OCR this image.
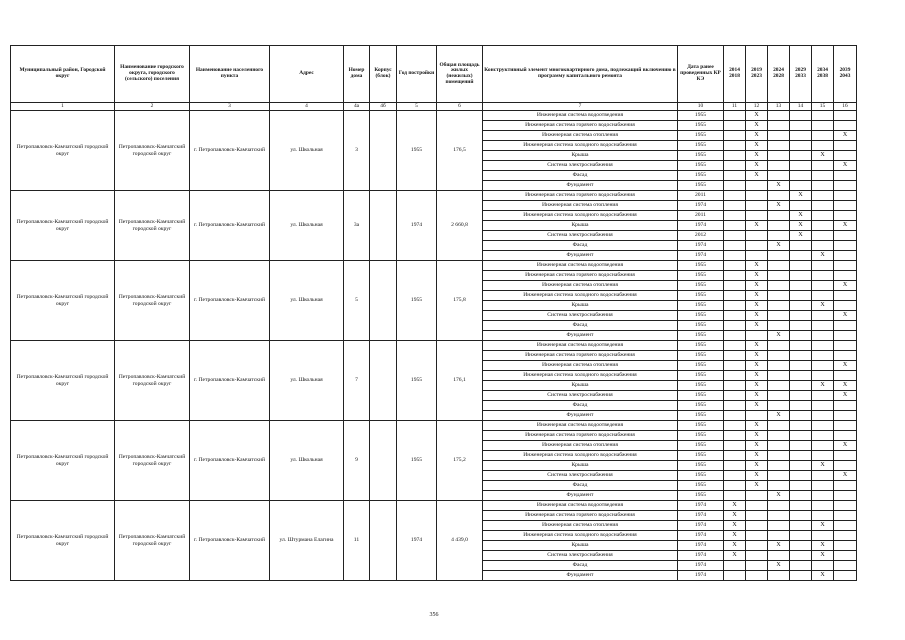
Муниципальный район, Городской округ	Наименование городского округа, городского (сельского) поселения	Наименование населенного пункта	Адрес	Номер дома	Корпус (блок)	Год постройки	Общая площадь жилых (нежилых) помещений	Конструктивный элемент многоквартирного дома, подлежащий включению в программу капитального ремонта	Дата ранее проведенных КР КЭ	2014 2018	2019 2023	2024 2028	2029 2033	2034 2038	2039 2043
1	2	3	4	4a	4б	5	6	7	10	11	12	13	14	15	16
Петропавловск-Камчатский городской округ	Петропавловск-Камчатский городской округ	г. Петропавловск-Камчатский	ул. Школьная	3		1955	176,5	Инженерная система водоотведения	1955		X				
								Инженерная система горячего водоснабжения	1955		X				
								Инженерная система отопления	1955		X				X
								Инженерная система холодного водоснабжения	1955		X				
								Крыша	1955		X			X	
								Система электроснабжения	1955		X				X
								Фасад	1955		X				
								Фундамент	1955			X			
Петропавловск-Камчатский городской округ	Петропавловск-Камчатский городской округ	г. Петропавловск-Камчатский	ул. Школьная	3а		1974	2 660,8	Инженерная система горячего водоснабжения	2011				X		
								Инженерная система отопления	1974			X			
								Инженерная система холодного водоснабжения	2011				X		
								Крыша	1974		X		X		X
								Система электроснабжения	2012				X		
								Фасад	1974			X			
								Фундамент	1974					X	
Петропавловск-Камчатский городской округ	Петропавловск-Камчатский городской округ	г. Петропавловск-Камчатский	ул. Школьная	5		1955	175,8	Инженерная система водоотведения	1955		X				
								Инженерная система горячего водоснабжения	1955		X				
								Инженерная система отопления	1955		X				X
								Инженерная система холодного водоснабжения	1955		X				
								Крыша	1955		X			X	
								Система электроснабжения	1955		X				X
								Фасад	1955		X				
								Фундамент	1955			X			
Петропавловск-Камчатский городской округ	Петропавловск-Камчатский городской округ	г. Петропавловск-Камчатский	ул. Школьная	7		1955	176,1	Инженерная система водоотведения	1955		X				
								Инженерная система горячего водоснабжения	1955		X				
								Инженерная система отопления	1955		X				X
								Инженерная система холодного водоснабжения	1955		X				
								Крыша	1955		X			X	X
								Система электроснабжения	1955		X				X
								Фасад	1955		X				
								Фундамент	1955			X			
Петропавловск-Камчатский городской округ	Петропавловск-Камчатский городской округ	г. Петропавловск-Камчатский	ул. Школьная	9		1955	175,2	Инженерная система водоотведения	1955		X				
								Инженерная система горячего водоснабжения	1955		X				
								Инженерная система отопления	1955		X				X
								Инженерная система холодного водоснабжения	1955		X				
								Крыша	1955		X			X	
								Система электроснабжения	1955		X				X
								Фасад	1955		X				
								Фундамент	1955			X			
Петропавловск-Камчатский городской округ	Петропавловск-Камчатский городской округ	г. Петропавловск-Камчатский	ул. Штурмана Елагина	11		1974	4 439,0	Инженерная система водоотведения	1974	X					
								Инженерная система горячего водоснабжения	1974	X					
								Инженерная система отопления	1974	X				X	
								Инженерная система холодного водоснабжения	1974	X					
								Крыша	1974	X		X		X	
								Система электроснабжения	1974	X				X	
								Фасад	1974			X			
								Фундамент	1974					X	
356
